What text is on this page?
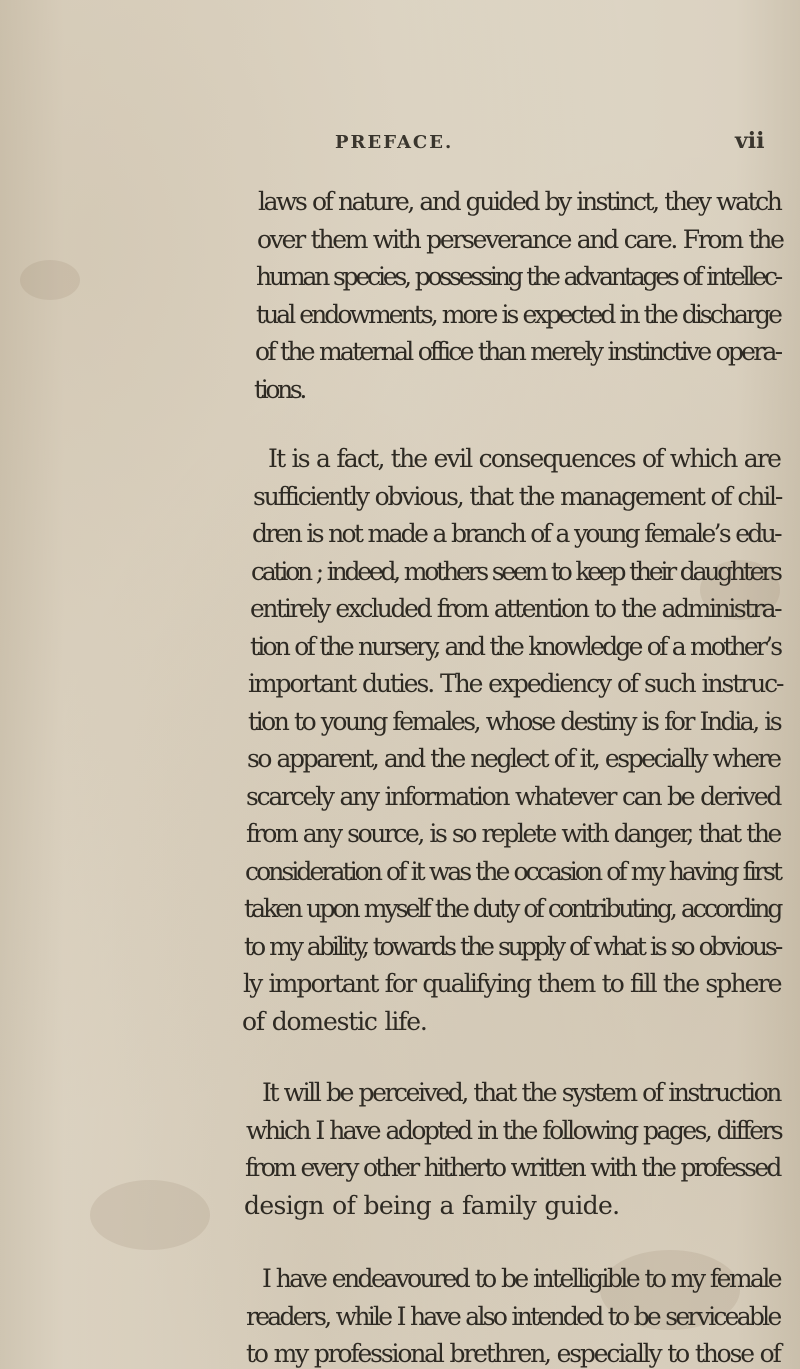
PREFACE.	vii
laws of nature, and guided by instinct, they watch
over them with perseverance and care. From the
human species, possessing the advantages of intellec-
tual endowments, more is expected in the discharge
of the maternal office than merely instinctive opera-
tions.
It is a fact, the evil consequences of which are
sufficiently obvious, that the management of chil-
dren is not made a branch of a young female’s edu-
cation ; indeed, mothers seem to keep their daughters
entirely excluded from attention to the administra-
tion of the nursery, and the knowledge of a mother’s
important duties. The expediency of such instruc-
tion to young females, whose destiny is for India, is
so apparent, and the neglect of it, especially where
scarcely any information whatever can be derived
from any source, is so replete with danger, that the
consideration of it was the occasion of my having first
taken upon myself the duty of contributing, according
to my ability, towards the supply of what is so obvious-
ly important for qualifying them to fill the sphere
of domestic life.
It will be perceived, that the system of instruction
which I have adopted in the following pages, differs
from every other hitherto written with the professed
design of being a family guide.
I have endeavoured to be intelligible to my female
readers, while I have also intended to be serviceable
to my professional brethren, especially to those of
